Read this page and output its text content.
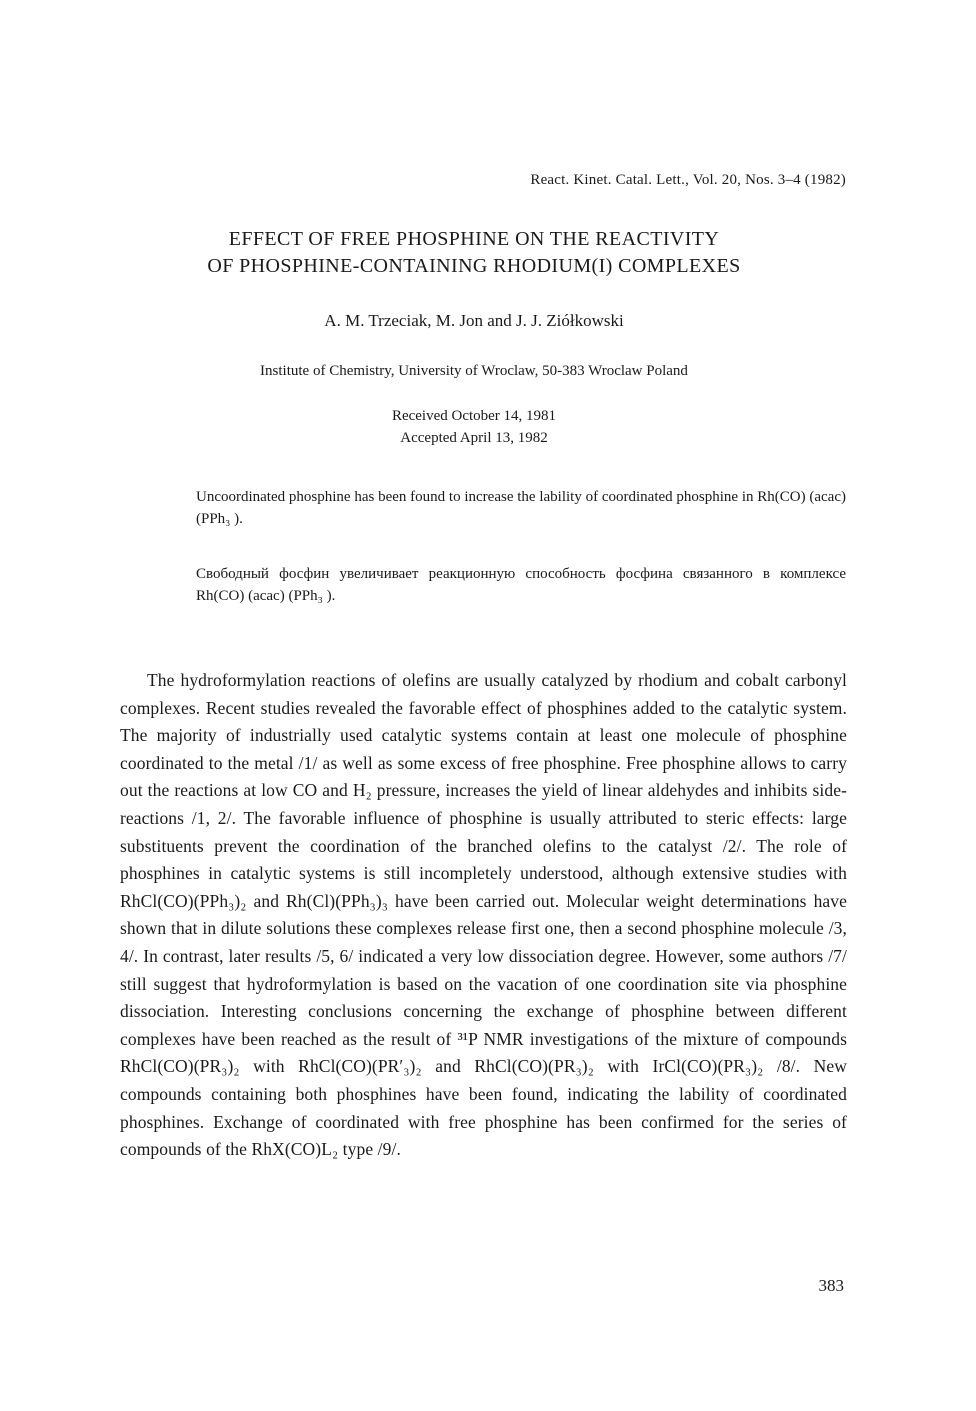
React. Kinet. Catal. Lett., Vol. 20, Nos. 3–4 (1982)
EFFECT OF FREE PHOSPHINE ON THE REACTIVITY
OF PHOSPHINE-CONTAINING RHODIUM(I) COMPLEXES
A. M. Trzeciak, M. Jon and J. J. Ziółkowski
Institute of Chemistry, University of Wroclaw, 50-383 Wroclaw Poland
Received October 14, 1981
Accepted April 13, 1982
Uncoordinated phosphine has been found to increase the lability of coordinated phosphine in Rh(CO) (acac) (PPh₃ ).
Свободный фосфин увеличивает реакционную способность фосфина связанного в комплексе Rh(CO) (acac) (PPh₃ ).
The hydroformylation reactions of olefins are usually catalyzed by rhodium and cobalt carbonyl complexes. Recent studies revealed the favorable effect of phosphines added to the catalytic system. The majority of industrially used catalytic systems contain at least one molecule of phosphine coordinated to the metal /1/ as well as some excess of free phosphine. Free phosphine allows to carry out the reactions at low CO and H₂ pressure, increases the yield of linear aldehydes and inhibits side-reactions /1, 2/. The favorable influence of phosphine is usually attributed to steric effects: large substituents prevent the coordination of the branched olefins to the catalyst /2/. The role of phosphines in catalytic systems is still incompletely understood, although extensive studies with RhCl(CO)(PPh₃)₂ and Rh(Cl)(PPh₃)₃ have been carried out. Molecular weight determinations have shown that in dilute solutions these complexes release first one, then a second phosphine molecule /3, 4/. In contrast, later results /5, 6/ indicated a very low dissociation degree. However, some authors /7/ still suggest that hydroformylation is based on the vacation of one coordination site via phosphine dissociation. Interesting conclusions concerning the exchange of phosphine between different complexes have been reached as the result of ³¹P NMR investigations of the mixture of compounds RhCl(CO)(PR₃)₂ with RhCl(CO)(PR′₃)₂ and RhCl(CO)(PR₃)₂ with IrCl(CO)(PR₃)₂ /8/. New compounds containing both phosphines have been found, indicating the lability of coordinated phosphines. Exchange of coordinated with free phosphine has been confirmed for the series of compounds of the RhX(CO)L₂ type /9/.
383
